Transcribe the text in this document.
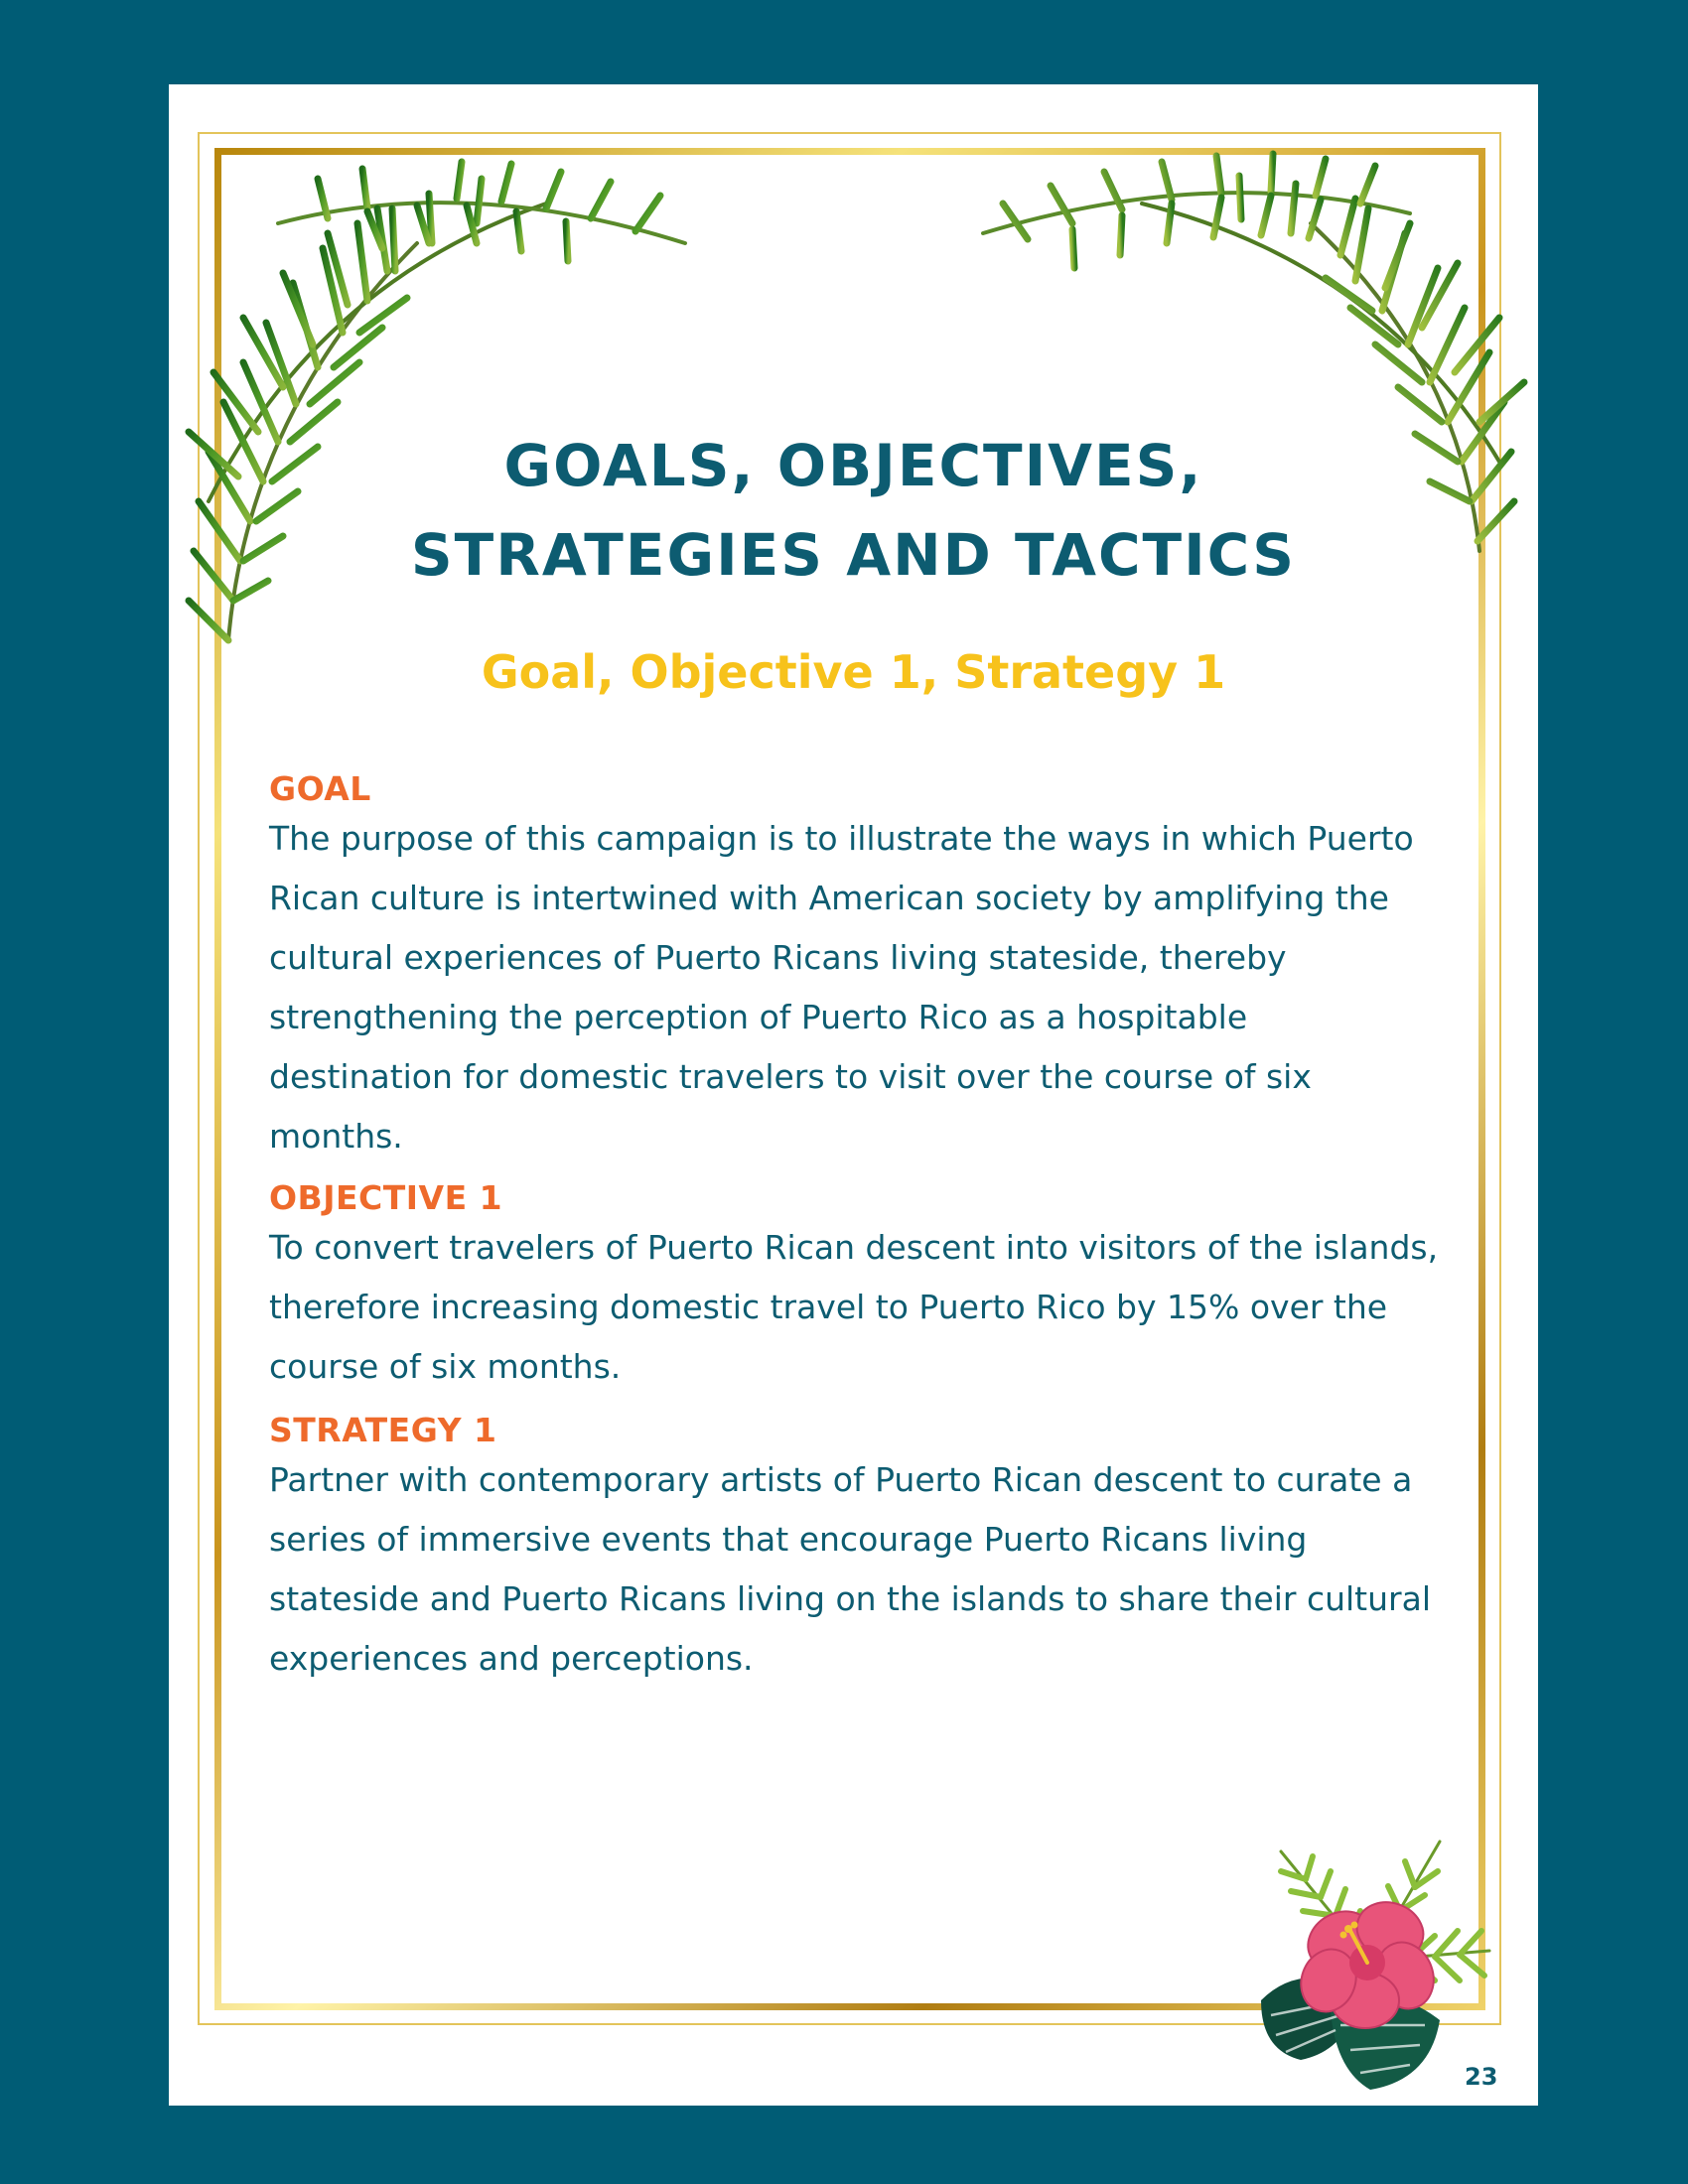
GOALS, OBJECTIVES,
STRATEGIES AND TACTICS
Goal, Objective 1, Strategy 1

GOAL

The purpose of this campaign is to illustrate the ways in which Puerto Rican culture is intertwined with American society by amplifying the cultural experiences of Puerto Ricans living stateside, thereby strengthening the perception of Puerto Rico as a hospitable destination for domestic travelers to visit over the course of six months.

OBJECTIVE 1

To convert travelers of Puerto Rican descent into visitors of the islands, therefore increasing domestic travel to Puerto Rico by 15% over the course of six months.

STRATEGY 1

Partner with contemporary artists of Puerto Rican descent to curate a series of immersive events that encourage Puerto Ricans living stateside and Puerto Ricans living on the islands to share their cultural experiences and perceptions.

23
